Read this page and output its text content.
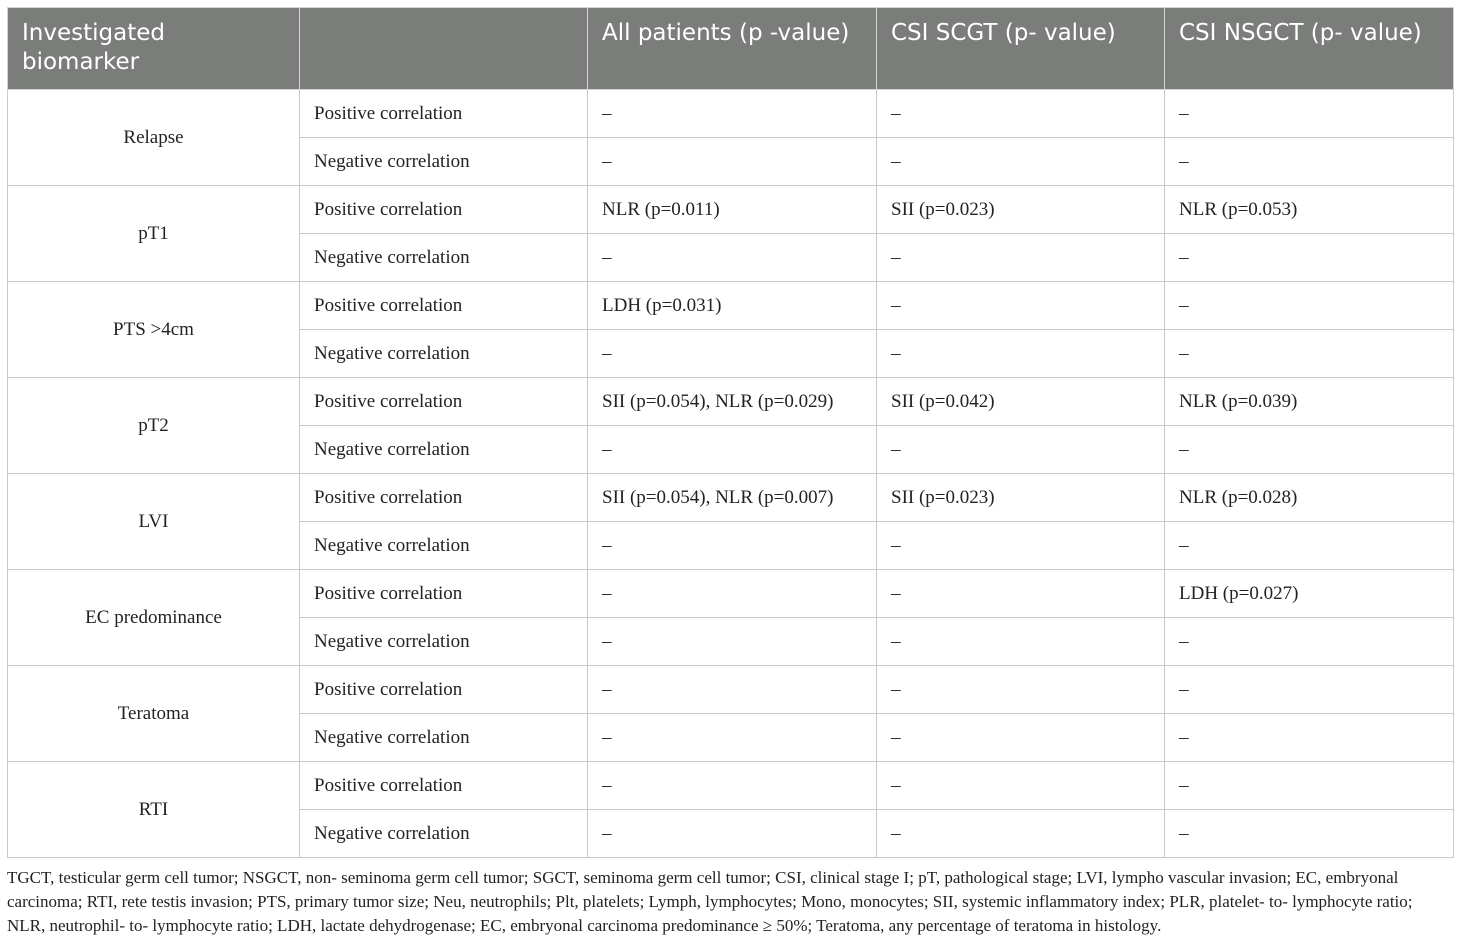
Investigated biomarker		All patients (p -value)	CSI SCGT (p- value)	CSI NSGCT (p- value)
Relapse	Positive correlation	–	–	–
	Negative correlation	–	–	–
pT1	Positive correlation	NLR (p=0.011)	SII (p=0.023)	NLR (p=0.053)
	Negative correlation	–	–	–
PTS >4cm	Positive correlation	LDH (p=0.031)	–	–
	Negative correlation	–	–	–
pT2	Positive correlation	SII (p=0.054), NLR (p=0.029)	SII (p=0.042)	NLR (p=0.039)
	Negative correlation	–	–	–
LVI	Positive correlation	SII (p=0.054), NLR (p=0.007)	SII (p=0.023)	NLR (p=0.028)
	Negative correlation	–	–	–
EC predominance	Positive correlation	–	–	LDH (p=0.027)
	Negative correlation	–	–	–
Teratoma	Positive correlation	–	–	–
	Negative correlation	–	–	–
RTI	Positive correlation	–	–	–
	Negative correlation	–	–	–
TGCT, testicular germ cell tumor; NSGCT, non- seminoma germ cell tumor; SGCT, seminoma germ cell tumor; CSI, clinical stage I; pT, pathological stage; LVI, lympho vascular invasion; EC, embryonal carcinoma; RTI, rete testis invasion; PTS, primary tumor size; Neu, neutrophils; Plt, platelets; Lymph, lymphocytes; Mono, monocytes; SII, systemic inflammatory index; PLR, platelet- to- lymphocyte ratio; NLR, neutrophil- to- lymphocyte ratio; LDH, lactate dehydrogenase; EC, embryonal carcinoma predominance ≥ 50%; Teratoma, any percentage of teratoma in histology.
